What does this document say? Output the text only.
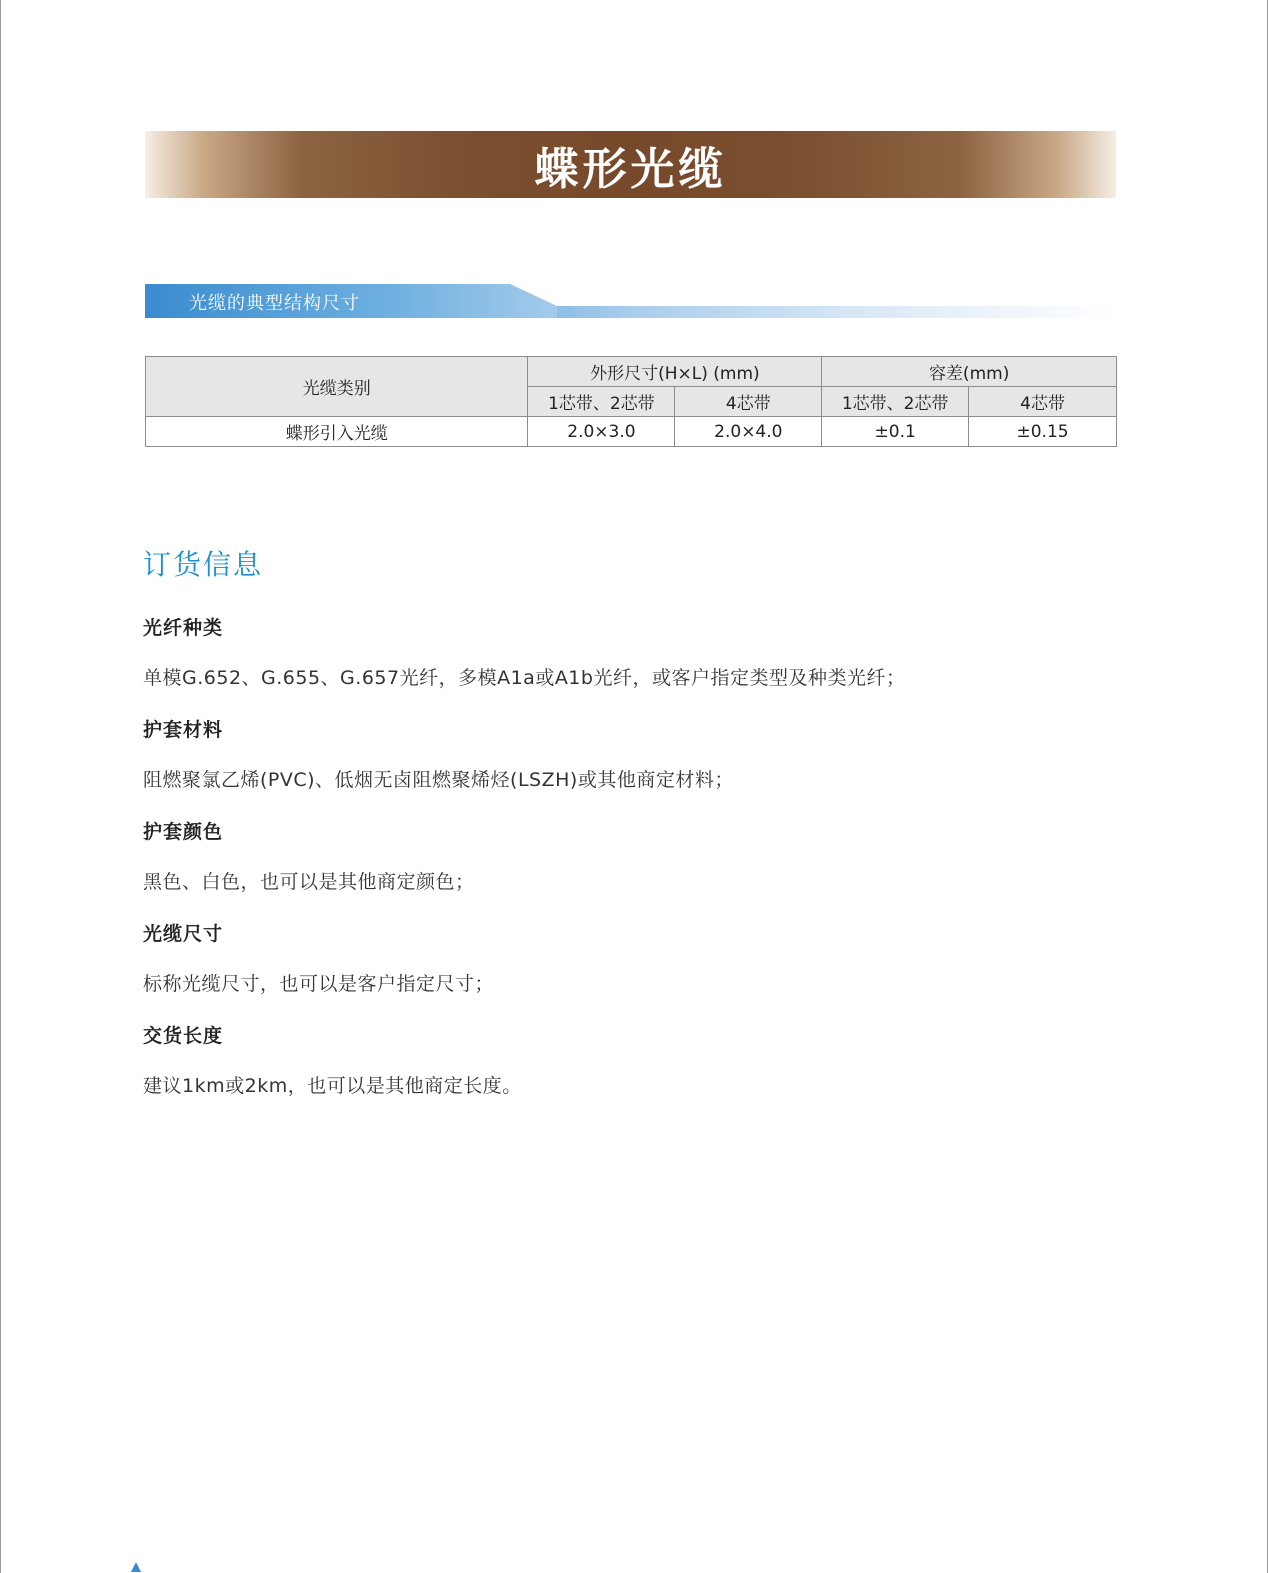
蝶形光缆
光缆的典型结构尺寸
光缆类别	外形尺寸(H×L) (mm)		容差(mm)	
	1芯带、2芯带	4芯带	1芯带、2芯带	4芯带
蝶形引入光缆	2.0×3.0	2.0×4.0	±0.1	±0.15
订货信息
光纤种类
单模G.652、G.655、G.657光纤，多模A1a或A1b光纤，或客户指定类型及种类光纤；
护套材料
阻燃聚氯乙烯(PVC)、低烟无卤阻燃聚烯烃(LSZH)或其他商定材料；
护套颜色
黑色、白色，也可以是其他商定颜色；
光缆尺寸
标称光缆尺寸，也可以是客户指定尺寸；
交货长度
建议1km或2km，也可以是其他商定长度。
